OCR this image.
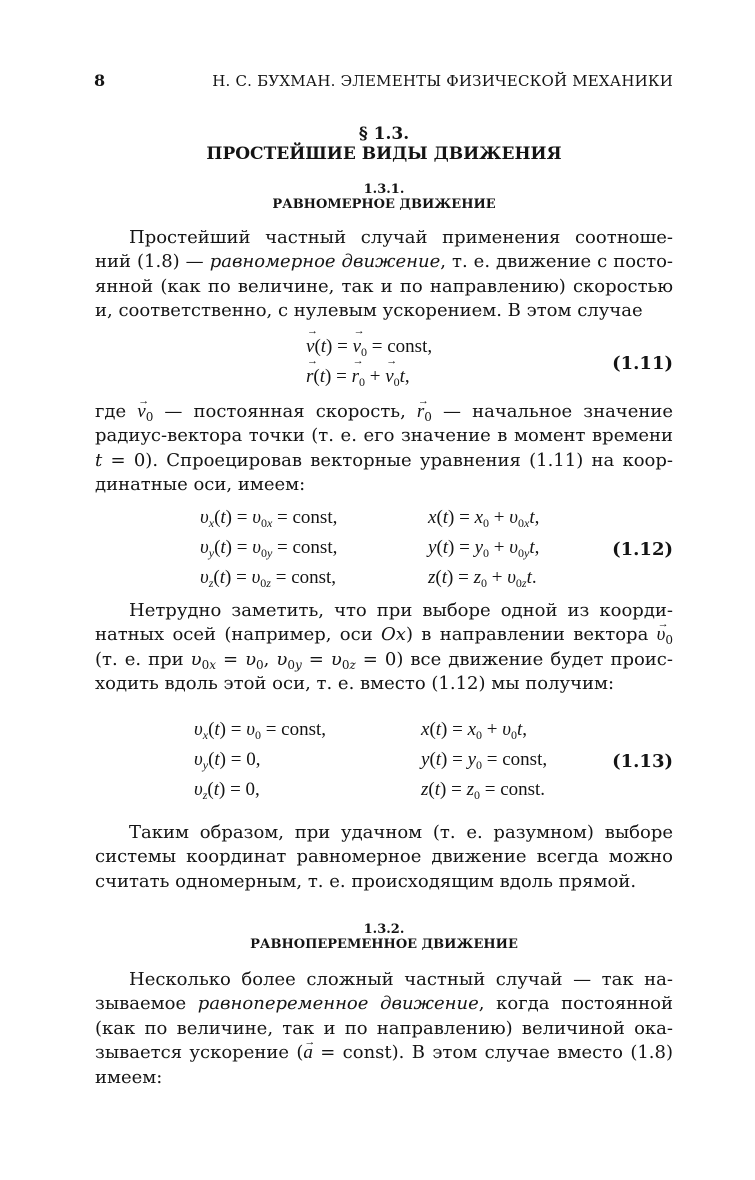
8	Н. С. БУХМАН. ЭЛЕМЕНТЫ ФИЗИЧЕСКОЙ МЕХАНИКИ
§ 1.3.
ПРОСТЕЙШИЕ ВИДЫ ДВИЖЕНИЯ
1.3.1.
РАВНОМЕРНОЕ ДВИЖЕНИЕ
Простейший частный случай применения соотноше-
ний (1.8) — равномерное движение, т. е. движение с посто-
янной (как по величине, так и по направлению) скоростью
и, соответственно, с нулевым ускорением. В этом случае
→ v(t) = → $v_0$ = const,
→ r(t) = → $r_0$ + → $v_0t$,
(1.11)
где → $v_0$ — постоянная скорость, → $r_0$ — начальное значение
радиус-вектора точки (т. е. его значение в момент времени
t = 0). Спроецировав векторные уравнения (1.11) на коор-
динатные оси, имеем:
$\upsilon_x(t) = \upsilon_{0x}$ = const,
$\upsilon_y(t) = \upsilon_{0y}$ = const,
$\upsilon_z(t) = \upsilon_{0z}$ = const,
$x(t) = x_0 + \upsilon_{0x}t$,
$y(t) = y_0 + \upsilon_{0y}t$,
$z(t) = z_0 + \upsilon_{0z}t$.
(1.12)
Нетрудно заметить, что при выборе одной из коорди-
натных осей (например, оси Ox) в направлении вектора → $\upsilon_0$
(т. е. при $\upsilon_{0x} = \upsilon_0$, $\upsilon_{0y} = \upsilon_{0z} = 0$) все движение будет проис-
ходить вдоль этой оси, т. е. вместо (1.12) мы получим:
$\upsilon_x(t) = \upsilon_0$ = const,
$\upsilon_y(t) = 0$,
$\upsilon_z(t) = 0$,
$x(t) = x_0 + \upsilon_0t$,
$y(t) = y_0$ = const,
$z(t) = z_0$ = const.
(1.13)
Таким образом, при удачном (т. е. разумном) выборе
системы координат равномерное движение всегда можно
считать одномерным, т. е. происходящим вдоль прямой.
1.3.2.
РАВНОПЕРЕМЕННОЕ ДВИЖЕНИЕ
Несколько более сложный частный случай — так на-
зываемое равнопеременное движение, когда постоянной
(как по величине, так и по направлению) величиной ока-
зывается ускорение (→ a = const). В этом случае вместо (1.8)
имеем:
